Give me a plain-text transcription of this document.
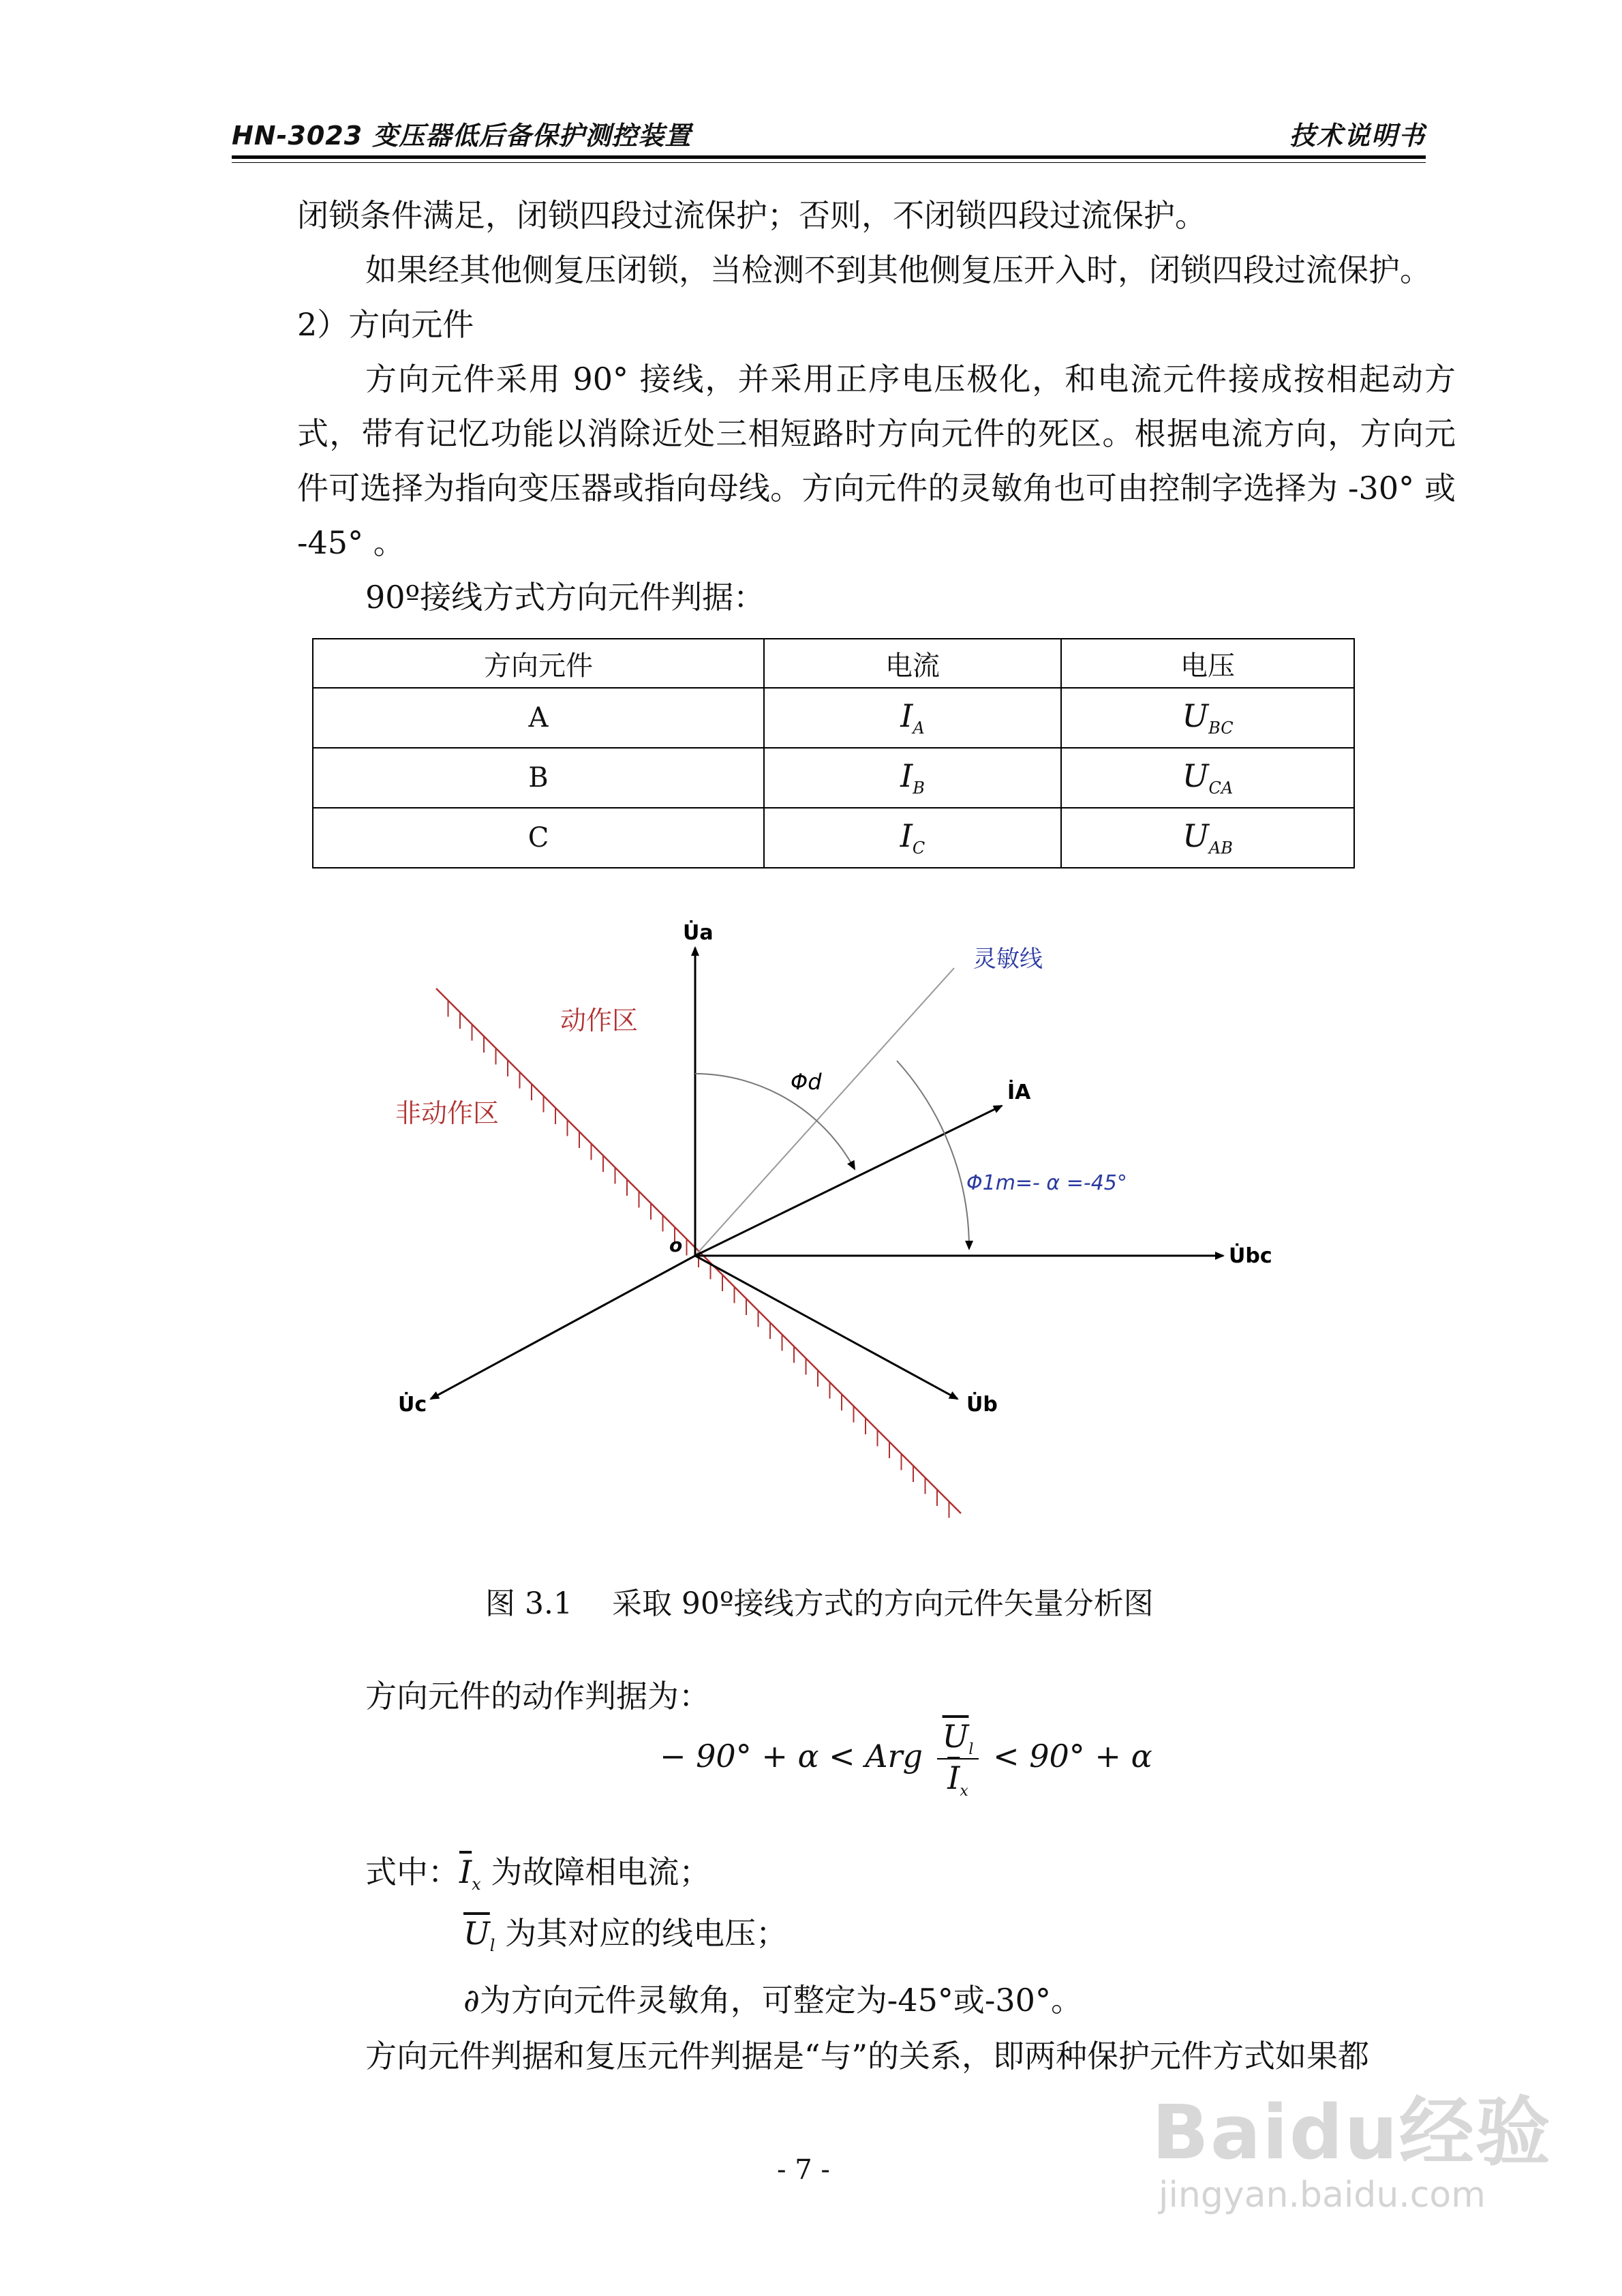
HN-3023 变压器低后备保护测控装置	技术说明书
闭锁条件满足，闭锁四段过流保护；否则，不闭锁四段过流保护。
如果经其他侧复压闭锁，当检测不到其他侧复压开入时，闭锁四段过流保护。
2）方向元件
方向元件采用 90° 接线，并采用正序电压极化，和电流元件接成按相起动方式，带有记忆功能以消除近处三相短路时方向元件的死区。根据电流方向，方向元件可选择为指向变压器或指向母线。方向元件的灵敏角也可由控制字选择为 -30° 或 -45° 。
90º接线方式方向元件判据：
方向元件	电流	电压
A	$I_A$	$U_{BC}$
B	$I_B$	$U_{CA}$
C	$I_C$	$U_{AB}$
U̇a
İA
U̇bc
U̇b
U̇c
o
灵敏线
动作区
非动作区
Φd
Φ1m=- α =-45°
图 3.1　 采取 90º接线方式的方向元件矢量分析图
方向元件的动作判据为：
− 90° + α < Arg $\frac{\overline{U}_l}{\overline{I}_x} < 90^\circ + \alpha$
式中：$\overline{I}_x$ 为故障相电流；
$\overline{U}_l$ 为其对应的线电压；
∂为方向元件灵敏角，可整定为-45°或-30°。
方向元件判据和复压元件判据是“与”的关系，即两种保护元件方式如果都
- 7 -	Baidu经验
jingyan.baidu.com
